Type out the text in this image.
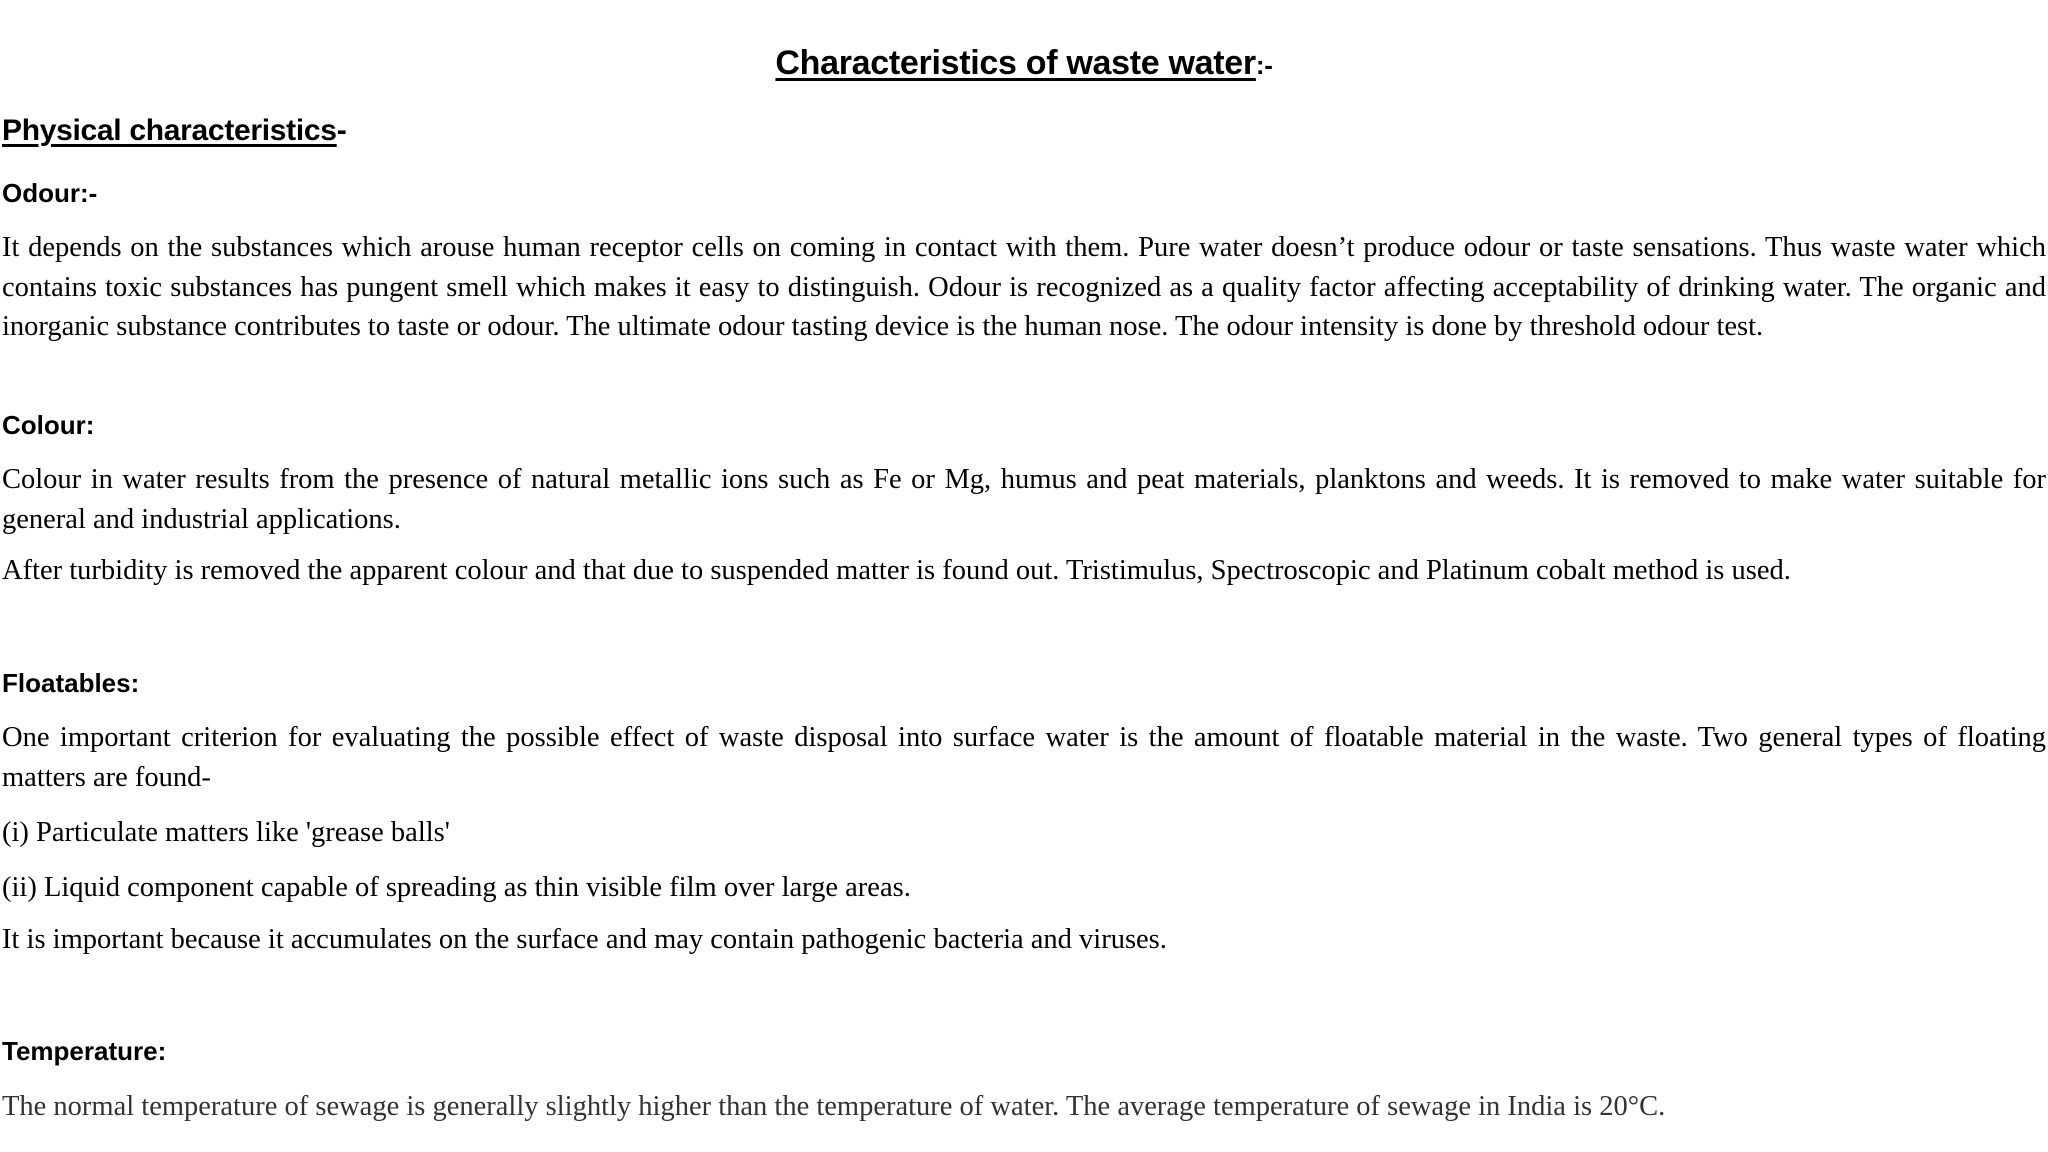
Characteristics of waste water:-
Physical characteristics-
Odour:-

It depends on the substances which arouse human receptor cells on coming in contact with them. Pure water doesn’t produce odour or taste sensations. Thus waste water which contains toxic substances has pungent smell which makes it easy to distinguish. Odour is recognized as a quality factor affecting acceptability of drinking water. The organic and inorganic substance contributes to taste or odour. The ultimate odour tasting device is the human nose. The odour intensity is done by threshold odour test.

Colour:

Colour in water results from the presence of natural metallic ions such as Fe or Mg, humus and peat materials, planktons and weeds. It is removed to make water suitable for general and industrial applications.

After turbidity is removed the apparent colour and that due to suspended matter is found out. Tristimulus, Spectroscopic and Platinum cobalt method is used.

Floatables:

One important criterion for evaluating the possible effect of waste disposal into surface water is the amount of floatable material in the waste. Two general types of floating matters are found-

(i) Particulate matters like 'grease balls'

(ii) Liquid component capable of spreading as thin visible film over large areas.

It is important because it accumulates on the surface and may contain pathogenic bacteria and viruses.

Temperature:

The normal temperature of sewage is generally slightly higher than the temperature of water. The average temperature of sewage in India is 20°C.
